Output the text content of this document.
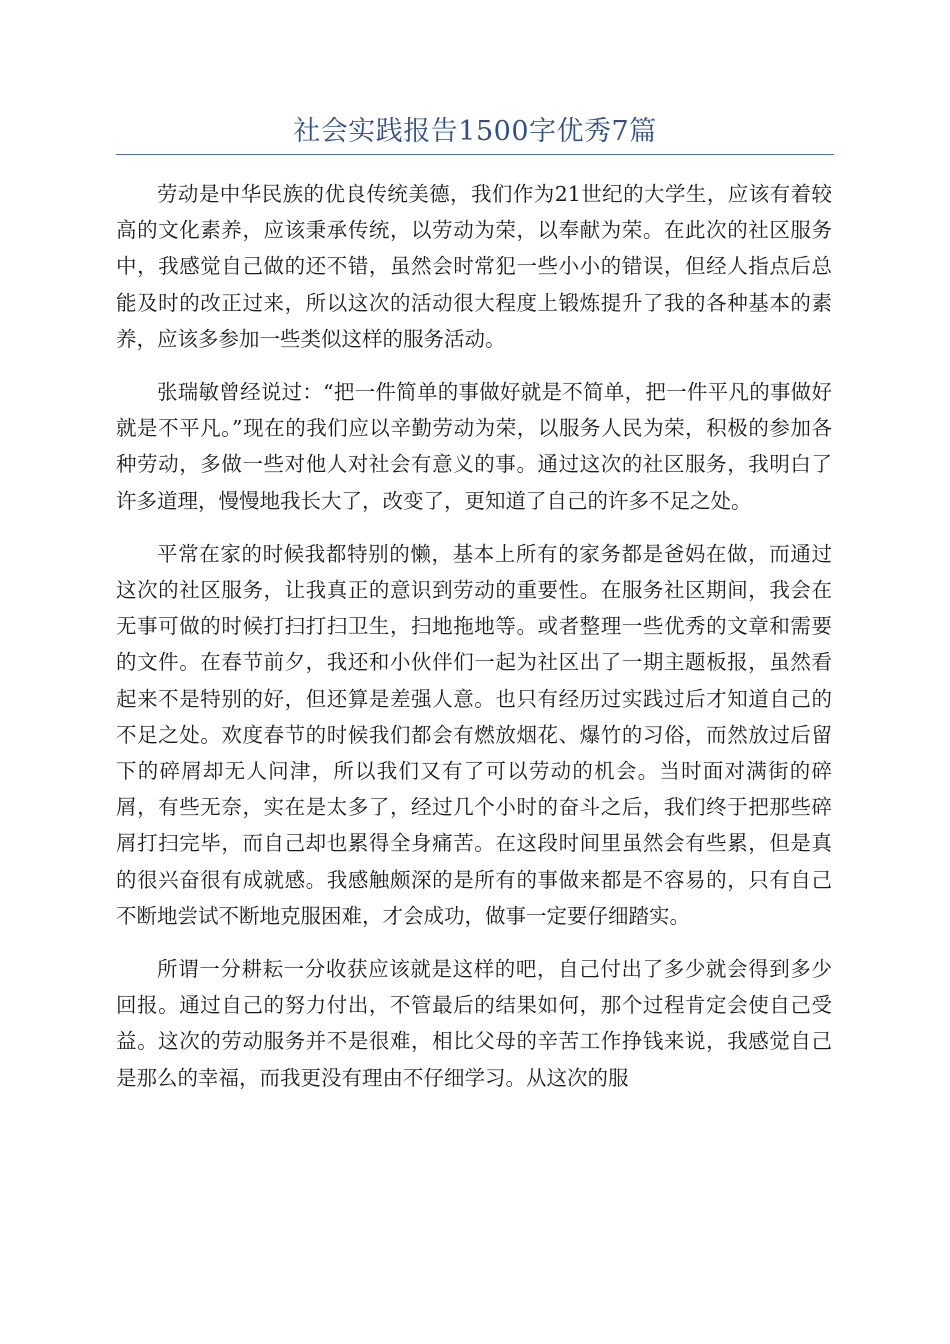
社会实践报告1500字优秀7篇

劳动是中华民族的优良传统美德，我们作为21世纪的大学生，应该有着较高的文化素养，应该秉承传统，以劳动为荣，以奉献为荣。在此次的社区服务中，我感觉自己做的还不错，虽然会时常犯一些小小的错误，但经人指点后总能及时的改正过来，所以这次的活动很大程度上锻炼提升了我的各种基本的素养，应该多参加一些类似这样的服务活动。

张瑞敏曾经说过：“把一件简单的事做好就是不简单，把一件平凡的事做好就是不平凡。”现在的我们应以辛勤劳动为荣，以服务人民为荣，积极的参加各种劳动，多做一些对他人对社会有意义的事。通过这次的社区服务，我明白了许多道理，慢慢地我长大了，改变了，更知道了自己的许多不足之处。

平常在家的时候我都特别的懒，基本上所有的家务都是爸妈在做，而通过这次的社区服务，让我真正的意识到劳动的重要性。在服务社区期间，我会在无事可做的时候打扫打扫卫生，扫地拖地等。或者整理一些优秀的文章和需要的文件。在春节前夕，我还和小伙伴们一起为社区出了一期主题板报，虽然看起来不是特别的好，但还算是差强人意。也只有经历过实践过后才知道自己的不足之处。欢度春节的时候我们都会有燃放烟花、爆竹的习俗，而然放过后留下的碎屑却无人问津，所以我们又有了可以劳动的机会。当时面对满街的碎屑，有些无奈，实在是太多了，经过几个小时的奋斗之后，我们终于把那些碎屑打扫完毕，而自己却也累得全身痛苦。在这段时间里虽然会有些累，但是真的很兴奋很有成就感。我感触颇深的是所有的事做来都是不容易的，只有自己不断地尝试不断地克服困难，才会成功，做事一定要仔细踏实。

所谓一分耕耘一分收获应该就是这样的吧，自己付出了多少就会得到多少回报。通过自己的努力付出，不管最后的结果如何，那个过程肯定会使自己受益。这次的劳动服务并不是很难，相比父母的辛苦工作挣钱来说，我感觉自己是那么的幸福，而我更没有理由不仔细学习。从这次的服
